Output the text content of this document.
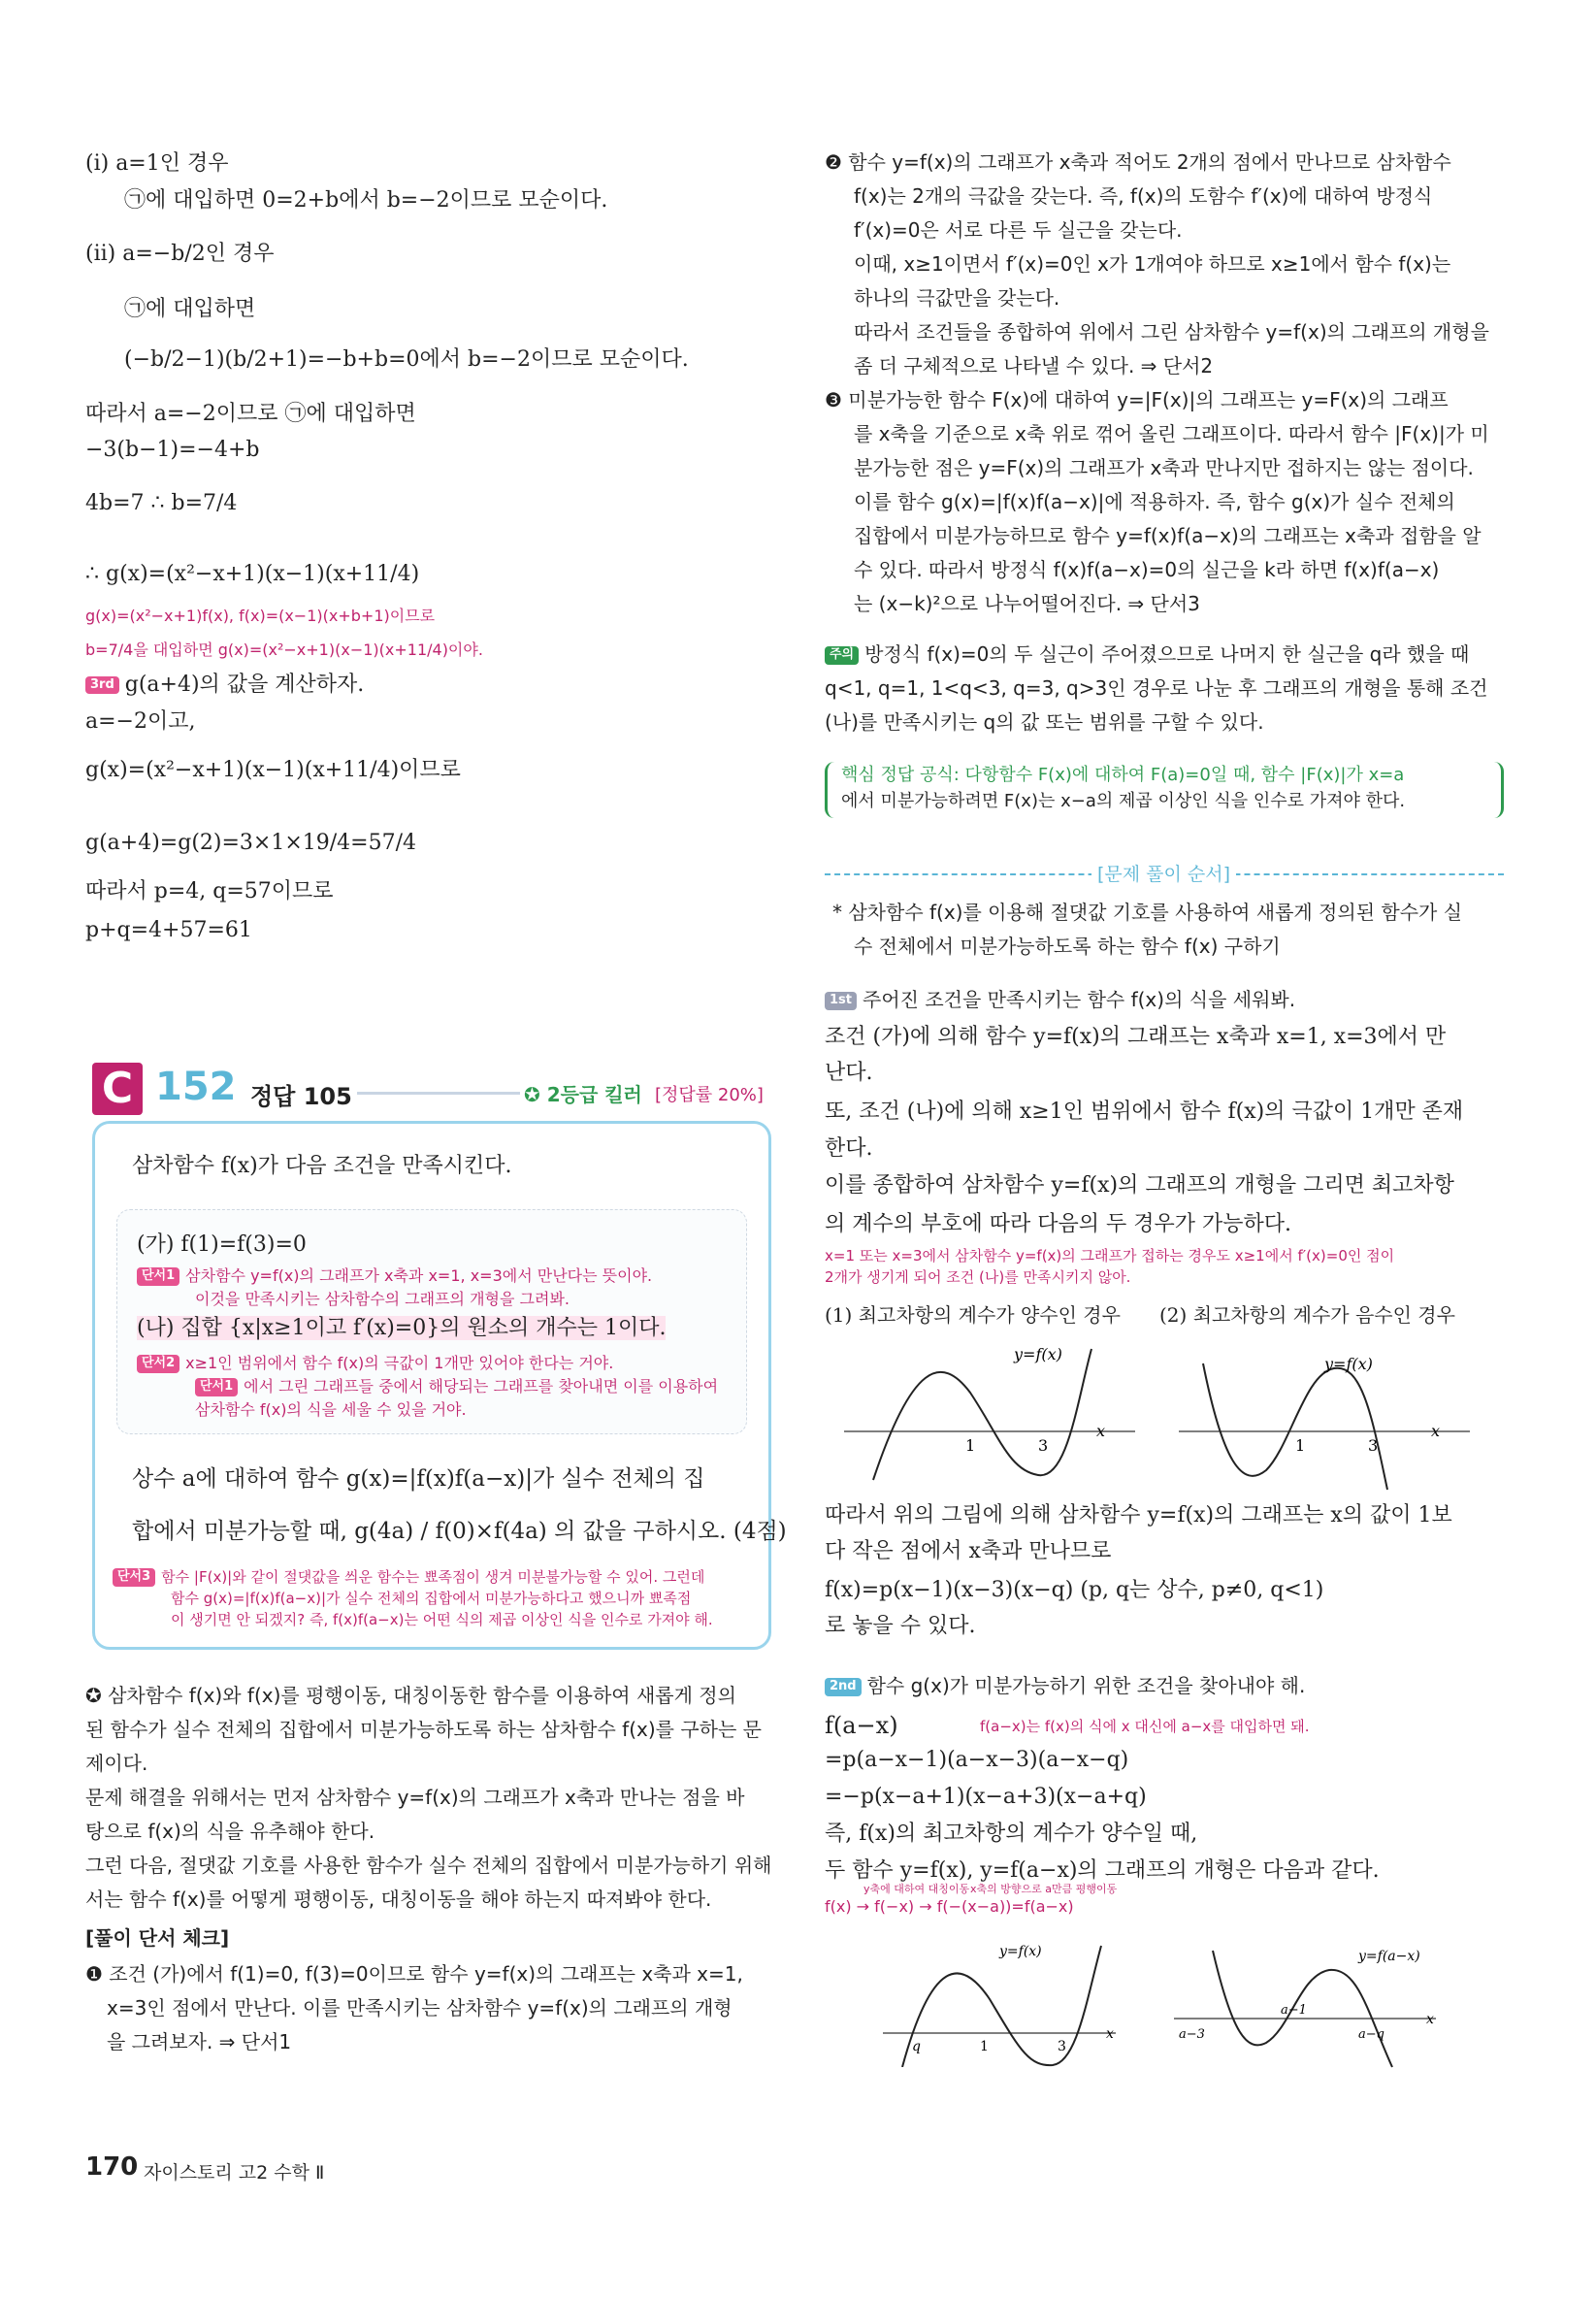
(ⅰ) a=1인 경우
㉠에 대입하면 0=2+b에서 b=−2이므로 모순이다.
(ⅱ) a=−b/2인 경우
㉠에 대입하면
(−b/2−1)(b/2+1)=−b+b=0에서 b=−2이므로 모순이다.
따라서 a=−2이므로 ㉠에 대입하면
−3(b−1)=−4+b
4b=7 ∴ b=7/4
∴ g(x)=(x²−x+1)(x−1)(x+11/4)
g(x)=(x²−x+1)f(x), f(x)=(x−1)(x+b+1)이므로
b=7/4을 대입하면 g(x)=(x²−x+1)(x−1)(x+11/4)이야.
3rd g(a+4)의 값을 계산하자.
a=−2이고,
g(x)=(x²−x+1)(x−1)(x+11/4)이므로
g(a+4)=g(2)=3×1×19/4=57/4
따라서 p=4, q=57이므로
p+q=4+57=61
C 152 정답 105	✪ 2등급 킬러 [정답률 20%]
삼차함수 f(x)가 다음 조건을 만족시킨다.
(가) f(1)=f(3)=0
단서1 삼차함수 y=f(x)의 그래프가 x축과 x=1, x=3에서 만난다는 뜻이야.
이것을 만족시키는 삼차함수의 그래프의 개형을 그려봐.
(나) 집합 {x|x≥1이고 f′(x)=0}의 원소의 개수는 1이다.
단서2 x≥1인 범위에서 함수 f(x)의 극값이 1개만 있어야 한다는 거야.
단서1 에서 그린 그래프들 중에서 해당되는 그래프를 찾아내면 이를 이용하여
삼차함수 f(x)의 식을 세울 수 있을 거야.
상수 a에 대하여 함수 g(x)=|f(x)f(a−x)|가 실수 전체의 집
합에서 미분가능할 때, g(4a) / f(0)×f(4a) 의 값을 구하시오. (4점)
단서3 함수 |F(x)|와 같이 절댓값을 씌운 함수는 뾰족점이 생겨 미분불가능할 수 있어. 그런데
함수 g(x)=|f(x)f(a−x)|가 실수 전체의 집합에서 미분가능하다고 했으니까 뾰족점
이 생기면 안 되겠지? 즉, f(x)f(a−x)는 어떤 식의 제곱 이상인 식을 인수로 가져야 해.
✪ 삼차함수 f(x)와 f(x)를 평행이동, 대칭이동한 함수를 이용하여 새롭게 정의
된 함수가 실수 전체의 집합에서 미분가능하도록 하는 삼차함수 f(x)를 구하는 문
제이다.
문제 해결을 위해서는 먼저 삼차함수 y=f(x)의 그래프가 x축과 만나는 점을 바
탕으로 f(x)의 식을 유추해야 한다.
그런 다음, 절댓값 기호를 사용한 함수가 실수 전체의 집합에서 미분가능하기 위해
서는 함수 f(x)를 어떻게 평행이동, 대칭이동을 해야 하는지 따져봐야 한다.
[풀이 단서 체크]
❶ 조건 (가)에서 f(1)=0, f(3)=0이므로 함수 y=f(x)의 그래프는 x축과 x=1,
x=3인 점에서 만난다. 이를 만족시키는 삼차함수 y=f(x)의 그래프의 개형
을 그려보자. ⇒ 단서1
❷ 함수 y=f(x)의 그래프가 x축과 적어도 2개의 점에서 만나므로 삼차함수
f(x)는 2개의 극값을 갖는다. 즉, f(x)의 도함수 f′(x)에 대하여 방정식
f′(x)=0은 서로 다른 두 실근을 갖는다.
이때, x≥1이면서 f′(x)=0인 x가 1개여야 하므로 x≥1에서 함수 f(x)는
하나의 극값만을 갖는다.
따라서 조건들을 종합하여 위에서 그린 삼차함수 y=f(x)의 그래프의 개형을
좀 더 구체적으로 나타낼 수 있다. ⇒ 단서2
❸ 미분가능한 함수 F(x)에 대하여 y=|F(x)|의 그래프는 y=F(x)의 그래프
를 x축을 기준으로 x축 위로 꺾어 올린 그래프이다. 따라서 함수 |F(x)|가 미
분가능한 점은 y=F(x)의 그래프가 x축과 만나지만 접하지는 않는 점이다.
이를 함수 g(x)=|f(x)f(a−x)|에 적용하자. 즉, 함수 g(x)가 실수 전체의
집합에서 미분가능하므로 함수 y=f(x)f(a−x)의 그래프는 x축과 접함을 알
수 있다. 따라서 방정식 f(x)f(a−x)=0의 실근을 k라 하면 f(x)f(a−x)
는 (x−k)²으로 나누어떨어진다. ⇒ 단서3
주의 방정식 f(x)=0의 두 실근이 주어졌으므로 나머지 한 실근을 q라 했을 때
q<1, q=1, 1<q<3, q=3, q>3인 경우로 나눈 후 그래프의 개형을 통해 조건
(나)를 만족시키는 q의 값 또는 범위를 구할 수 있다.
핵심 정답 공식: 다항함수 F(x)에 대하여 F(a)=0일 때, 함수 |F(x)|가 x=a
에서 미분가능하려면 F(x)는 x−a의 제곱 이상인 식을 인수로 가져야 한다.
[문제 풀이 순서]
* 삼차함수 f(x)를 이용해 절댓값 기호를 사용하여 새롭게 정의된 함수가 실
수 전체에서 미분가능하도록 하는 함수 f(x) 구하기
1st 주어진 조건을 만족시키는 함수 f(x)의 식을 세워봐.
조건 (가)에 의해 함수 y=f(x)의 그래프는 x축과 x=1, x=3에서 만
난다.
또, 조건 (나)에 의해 x≥1인 범위에서 함수 f(x)의 극값이 1개만 존재
한다.
이를 종합하여 삼차함수 y=f(x)의 그래프의 개형을 그리면 최고차항
의 계수의 부호에 따라 다음의 두 경우가 가능하다.
x=1 또는 x=3에서 삼차함수 y=f(x)의 그래프가 접하는 경우도 x≥1에서 f′(x)=0인 점이
2개가 생기게 되어 조건 (나)를 만족시키지 않아.
(1) 최고차항의 계수가 양수인 경우 (2) 최고차항의 계수가 음수인 경우
1	3
x
y=f(x)
1	3
x
y=f(x)
따라서 위의 그림에 의해 삼차함수 y=f(x)의 그래프는 x의 값이 1보
다 작은 점에서 x축과 만나므로
f(x)=p(x−1)(x−3)(x−q) (p, q는 상수, p≠0, q<1)
로 놓을 수 있다.
2nd 함수 g(x)가 미분가능하기 위한 조건을 찾아내야 해.
f(a−x)	f(a−x)는 f(x)의 식에 x 대신에 a−x를 대입하면 돼.
=p(a−x−1)(a−x−3)(a−x−q)
=−p(x−a+1)(x−a+3)(x−a+q)
즉, f(x)의 최고차항의 계수가 양수일 때,
두 함수 y=f(x), y=f(a−x)의 그래프의 개형은 다음과 같다.
f(x) → f(−x) → f(−(x−a))=f(a−x)
y축에 대하여 대칭이동 x축의 방향으로 a만큼 평행이동
q	1	3
x
y=f(x)
a−3
a−1
a−q
x
y=f(a−x)
170 자이스토리 고2 수학 Ⅱ
